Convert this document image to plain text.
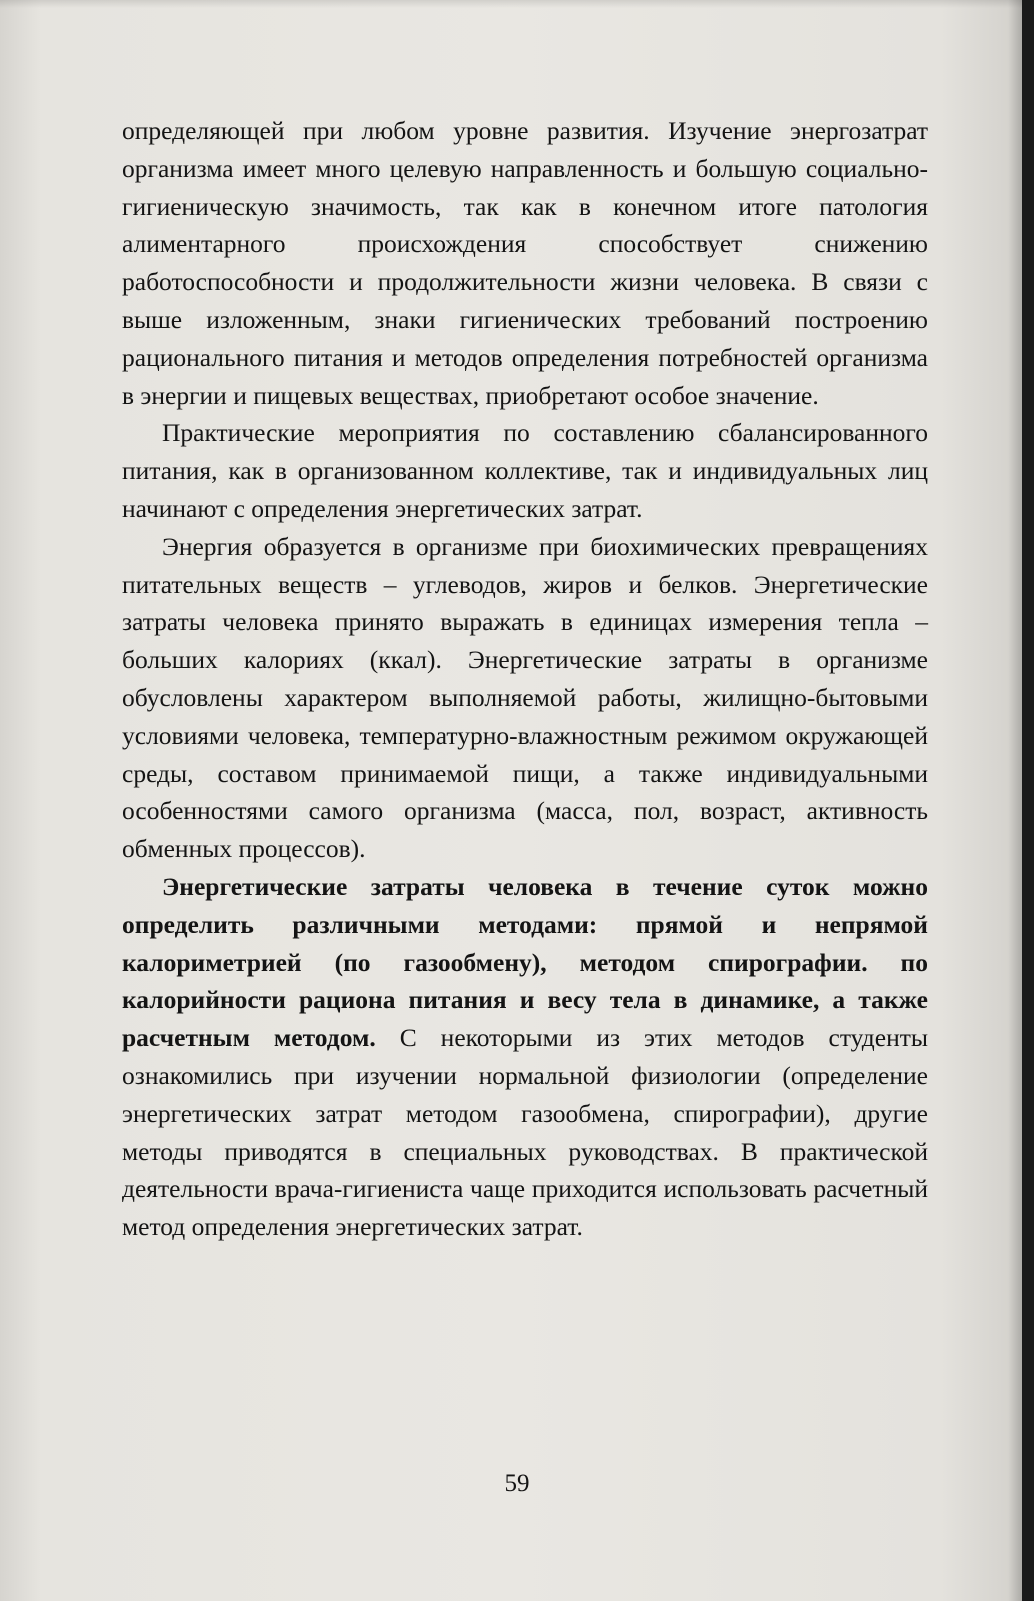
определяющей при любом уровне развития. Изучение энергозатрат организма имеет много целевую направленность и большую социально-гигиеническую значимость, так как в конечном итоге патология алиментарного происхождения способствует снижению работоспособности и продолжительности жизни человека. В связи с выше изложенным, знаки гигиенических требований построению рационального питания и методов определения потребностей организма в энергии и пищевых веществах, приобретают особое значение.

Практические мероприятия по составлению сбалансированного питания, как в организованном коллективе, так и индивидуальных лиц начинают с определения энергетических затрат.

Энергия образуется в организме при биохимических превращениях питательных веществ – углеводов, жиров и белков. Энергетические затраты человека принято выражать в единицах измерения тепла – больших калориях (ккал). Энергетические затраты в организме обусловлены характером выполняемой работы, жилищно-бытовыми условиями человека, температурно-влажностным режимом окружающей среды, составом принимаемой пищи, а также индивидуальными особенностями самого организма (масса, пол, возраст, активность обменных процессов).

Энергетические затраты человека в течение суток можно определить различными методами: прямой и непрямой калориметрией (по газообмену), методом спирографии. по калорийности рациона питания и весу тела в динамике, а также расчетным методом. С некоторыми из этих методов студенты ознакомились при изучении нормальной физиологии (определение энергетических затрат методом газообмена, спирографии), другие методы приводятся в специальных руководствах. В практической деятельности врача-гигиениста чаще приходится использовать расчетный метод определения энергетических затрат.

59
